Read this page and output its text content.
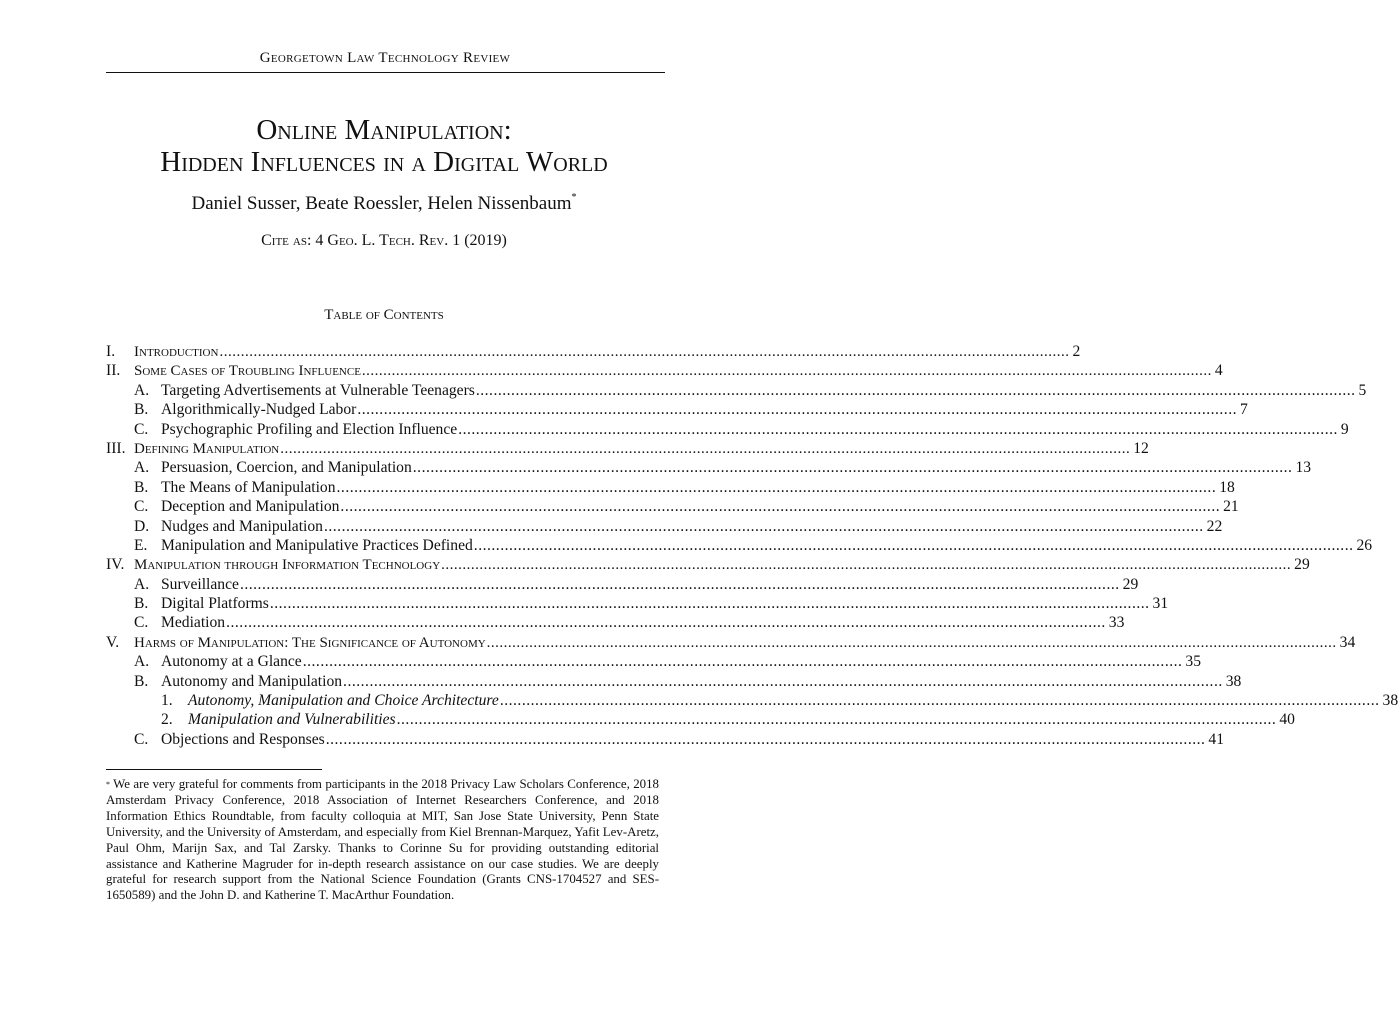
Georgetown Law Technology Review
Online Manipulation:
Hidden Influences in a Digital World
Daniel Susser, Beate Roessler, Helen Nissenbaum*
Cite as: 4 Geo. L. Tech. Rev. 1 (2019)
Table of Contents
I. Introduction ........................................................................................................................................................................................................ 2
II. Some Cases of Troubling Influence ........................................................................................................................................................................................................ 4
A. Targeting Advertisements at Vulnerable Teenagers ........................................................................................................................................................................................................ 5
B. Algorithmically-Nudged Labor ........................................................................................................................................................................................................ 7
C. Psychographic Profiling and Election Influence ........................................................................................................................................................................................................ 9
III. Defining Manipulation ........................................................................................................................................................................................................ 12
A. Persuasion, Coercion, and Manipulation ........................................................................................................................................................................................................ 13
B. The Means of Manipulation ........................................................................................................................................................................................................ 18
C. Deception and Manipulation ........................................................................................................................................................................................................ 21
D. Nudges and Manipulation ........................................................................................................................................................................................................ 22
E. Manipulation and Manipulative Practices Defined ........................................................................................................................................................................................................ 26
IV. Manipulation through Information Technology ........................................................................................................................................................................................................ 29
A. Surveillance ........................................................................................................................................................................................................ 29
B. Digital Platforms ........................................................................................................................................................................................................ 31
C. Mediation ........................................................................................................................................................................................................ 33
V. Harms of Manipulation: The Significance of Autonomy ........................................................................................................................................................................................................ 34
A. Autonomy at a Glance ........................................................................................................................................................................................................ 35
B. Autonomy and Manipulation ........................................................................................................................................................................................................ 38
1. Autonomy, Manipulation and Choice Architecture ........................................................................................................................................................................................................ 38
2. Manipulation and Vulnerabilities ........................................................................................................................................................................................................ 40
C. Objections and Responses ........................................................................................................................................................................................................ 41
* We are very grateful for comments from participants in the 2018 Privacy Law Scholars Conference, 2018 Amsterdam Privacy Conference, 2018 Association of Internet Researchers Conference, and 2018 Information Ethics Roundtable, from faculty colloquia at MIT, San Jose State University, Penn State University, and the University of Amsterdam, and especially from Kiel Brennan-Marquez, Yafit Lev-Aretz, Paul Ohm, Marijn Sax, and Tal Zarsky. Thanks to Corinne Su for providing outstanding editorial assistance and Katherine Magruder for in-depth research assistance on our case studies. We are deeply grateful for research support from the National Science Foundation (Grants CNS-1704527 and SES-1650589) and the John D. and Katherine T. MacArthur Foundation.
